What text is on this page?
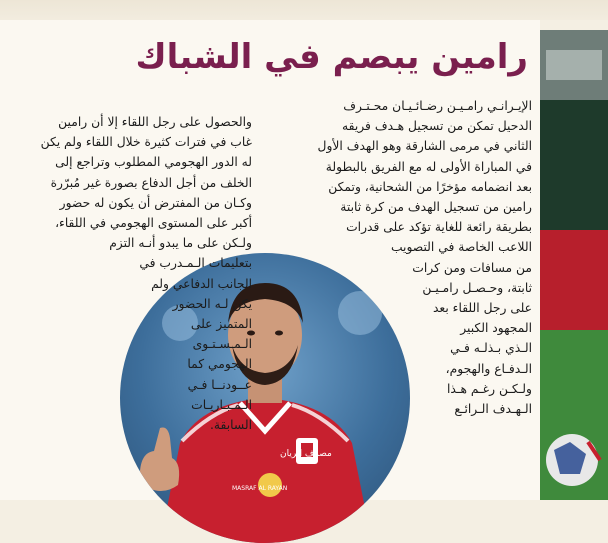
رامين يبصم في الشباك
مصرف الريان
MASRAF AL RAYAN
الإيـرانـي رامـيـن رضـائـيـان محـتـرف
الدحيل تمكن من تسجيل هـدف فريقه
الثاني في مرمى الشارقة وهو الهدف الأول
في المباراة الأولى له مع الفريق بالبطولة
بعد انضمامه مؤخرًا من الشحانية، وتمكن
رامين من تسجيل الهدف من كرة ثابتة
بطريقة رائعة للغاية تؤكد على قدرات
اللاعب الخاصة في التصويب
من مسافات ومن كرات
ثابتة، وحـصـل رامـيـن
على رجل اللقاء بعد
المجهود الكبير
الـذي بـذلـه فـي
الـدفـاع والهجوم،
ولـكـن رغـم هـذا
الـهـدف الـرائـع
والحصول على رجل اللقاء إلا أن رامين
غاب في فترات كثيرة خلال اللقاء ولم يكن
له الدور الهجومي المطلوب وتراجع إلى
الخلف من أجل الدفاع بصورة غير مُبرّرة
وكـان من المفترض أن يكون له حضور
أكبر على المستوى الهجومي في اللقاء،
ولـكن على ما يبدو أنـه التزم
بتعليمات الـمـدرب في
الجانب الدفاعي ولم
يكن لـه الحضور
المتميز على
الـمـسـتـوى
الهجومي كما
عــودنــا فـي
الـمـبـاريـات
السابقة.
